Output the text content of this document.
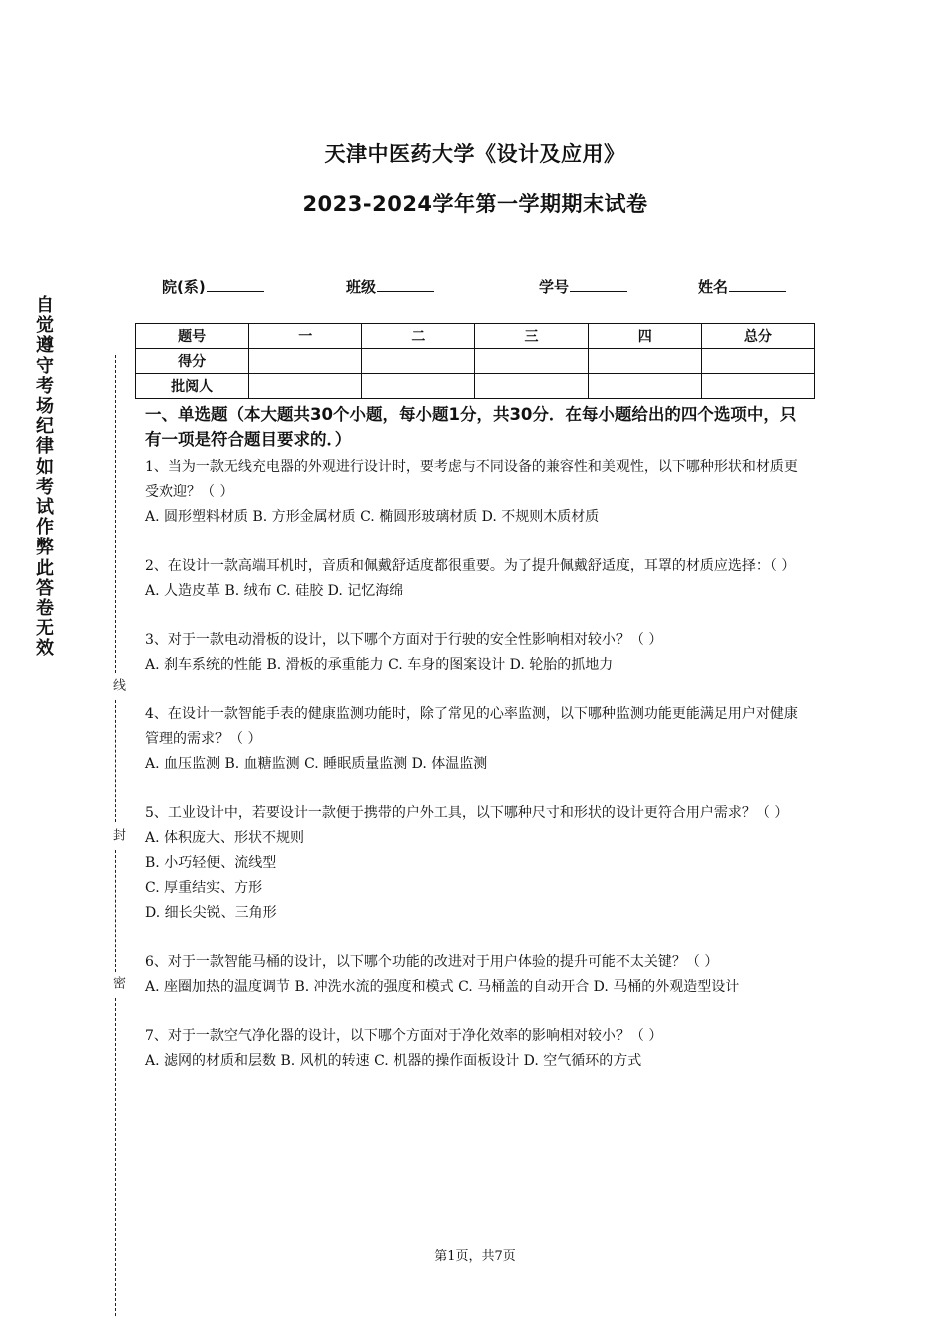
天津中医药大学《设计及应用》
2023-2024学年第一学期期末试卷
自觉遵守考场纪律如考试作弊此答卷无效
线
封
密
院(系)	班级	学号	姓名
题号	一	二	三	四	总分
得分					
批阅人					

一、单选题（本大题共30个小题，每小题1分，共30分．在每小题给出的四个选项中，只有一项是符合题目要求的．）

1、当为一款无线充电器的外观进行设计时，要考虑与不同设备的兼容性和美观性，以下哪种形状和材质更受欢迎？（ ）

A. 圆形塑料材质 B. 方形金属材质 C. 椭圆形玻璃材质 D. 不规则木质材质

2、在设计一款高端耳机时，音质和佩戴舒适度都很重要。为了提升佩戴舒适度，耳罩的材质应选择：（ ）

A. 人造皮革 B. 绒布 C. 硅胶 D. 记忆海绵

3、对于一款电动滑板的设计，以下哪个方面对于行驶的安全性影响相对较小？（ ）

A. 刹车系统的性能 B. 滑板的承重能力 C. 车身的图案设计 D. 轮胎的抓地力

4、在设计一款智能手表的健康监测功能时，除了常见的心率监测，以下哪种监测功能更能满足用户对健康管理的需求？（ ）

A. 血压监测 B. 血糖监测 C. 睡眠质量监测 D. 体温监测

5、工业设计中，若要设计一款便于携带的户外工具，以下哪种尺寸和形状的设计更符合用户需求？（ ）

A. 体积庞大、形状不规则

B. 小巧轻便、流线型

C. 厚重结实、方形

D. 细长尖锐、三角形

6、对于一款智能马桶的设计，以下哪个功能的改进对于用户体验的提升可能不太关键？（ ）

A. 座圈加热的温度调节 B. 冲洗水流的强度和模式 C. 马桶盖的自动开合 D. 马桶的外观造型设计

7、对于一款空气净化器的设计，以下哪个方面对于净化效率的影响相对较小？（ ）

A. 滤网的材质和层数 B. 风机的转速 C. 机器的操作面板设计 D. 空气循环的方式

第1页，共7页
